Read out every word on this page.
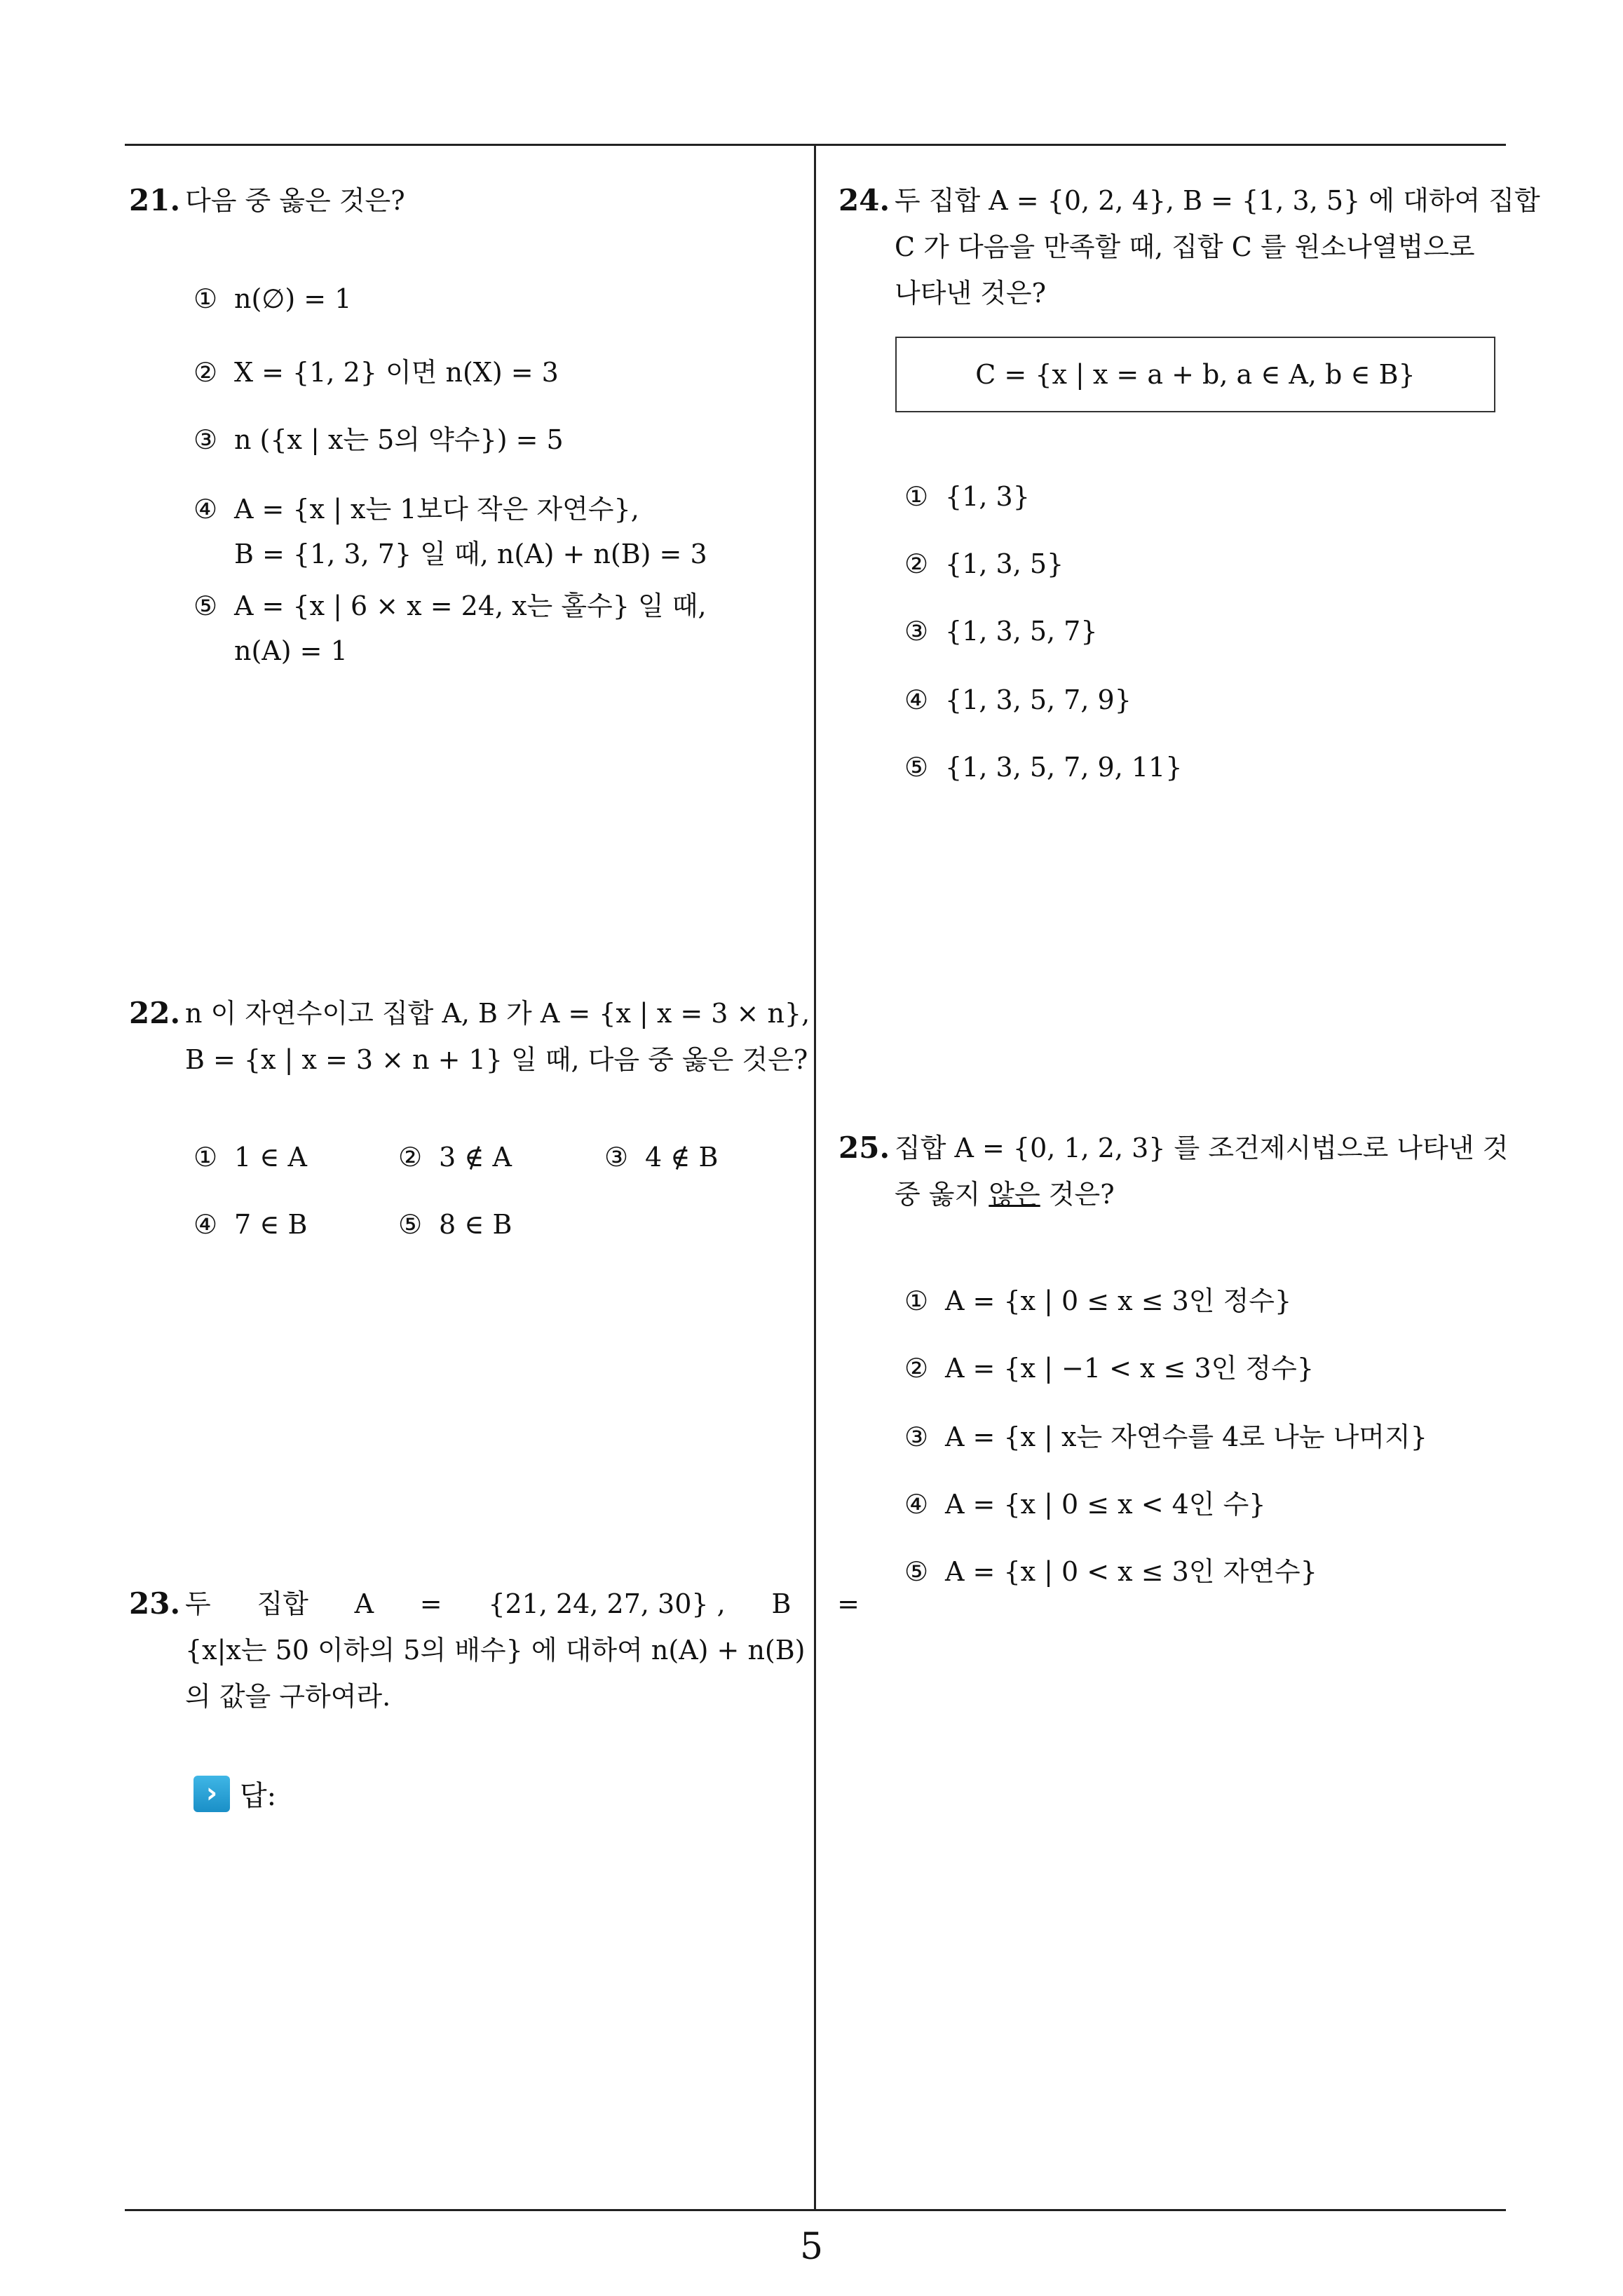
21. 다음 중 옳은 것은?
① n(∅) = 1
② X = {1, 2} 이면 n(X) = 3
③ n ({x | x는 5의 약수}) = 5
④ A = {x | x는 1보다 작은 자연수},
B = {1, 3, 7} 일 때, n(A) + n(B) = 3
⑤ A = {x | 6 × x = 24, x는 홀수} 일 때,
n(A) = 1
22. n 이 자연수이고 집합 A, B 가 A = {x | x = 3 × n},
B = {x | x = 3 × n + 1} 일 때, 다음 중 옳은 것은?
① 1 ∈ A	② 3 ∉ A	③ 4 ∉ B
④ 7 ∈ B	⑤ 8 ∈ B
23. 두 집합 A = {21, 24, 27, 30} , B =
{x|x는 50 이하의 5의 배수} 에 대하여 n(A) + n(B)
의 값을 구하여라.
› 답:
24. 두 집합 A = {0, 2, 4}, B = {1, 3, 5} 에 대하여 집합
C 가 다음을 만족할 때, 집합 C 를 원소나열법으로
나타낸 것은?
C = {x | x = a + b, a ∈ A, b ∈ B}
① {1, 3}
② {1, 3, 5}
③ {1, 3, 5, 7}
④ {1, 3, 5, 7, 9}
⑤ {1, 3, 5, 7, 9, 11}
25. 집합 A = {0, 1, 2, 3} 를 조건제시법으로 나타낸 것
중 옳지 않은 것은?
① A = {x | 0 ≤ x ≤ 3인 정수}
② A = {x | −1 < x ≤ 3인 정수}
③ A = {x | x는 자연수를 4로 나눈 나머지}
④ A = {x | 0 ≤ x < 4인 수}
⑤ A = {x | 0 < x ≤ 3인 자연수}
5
